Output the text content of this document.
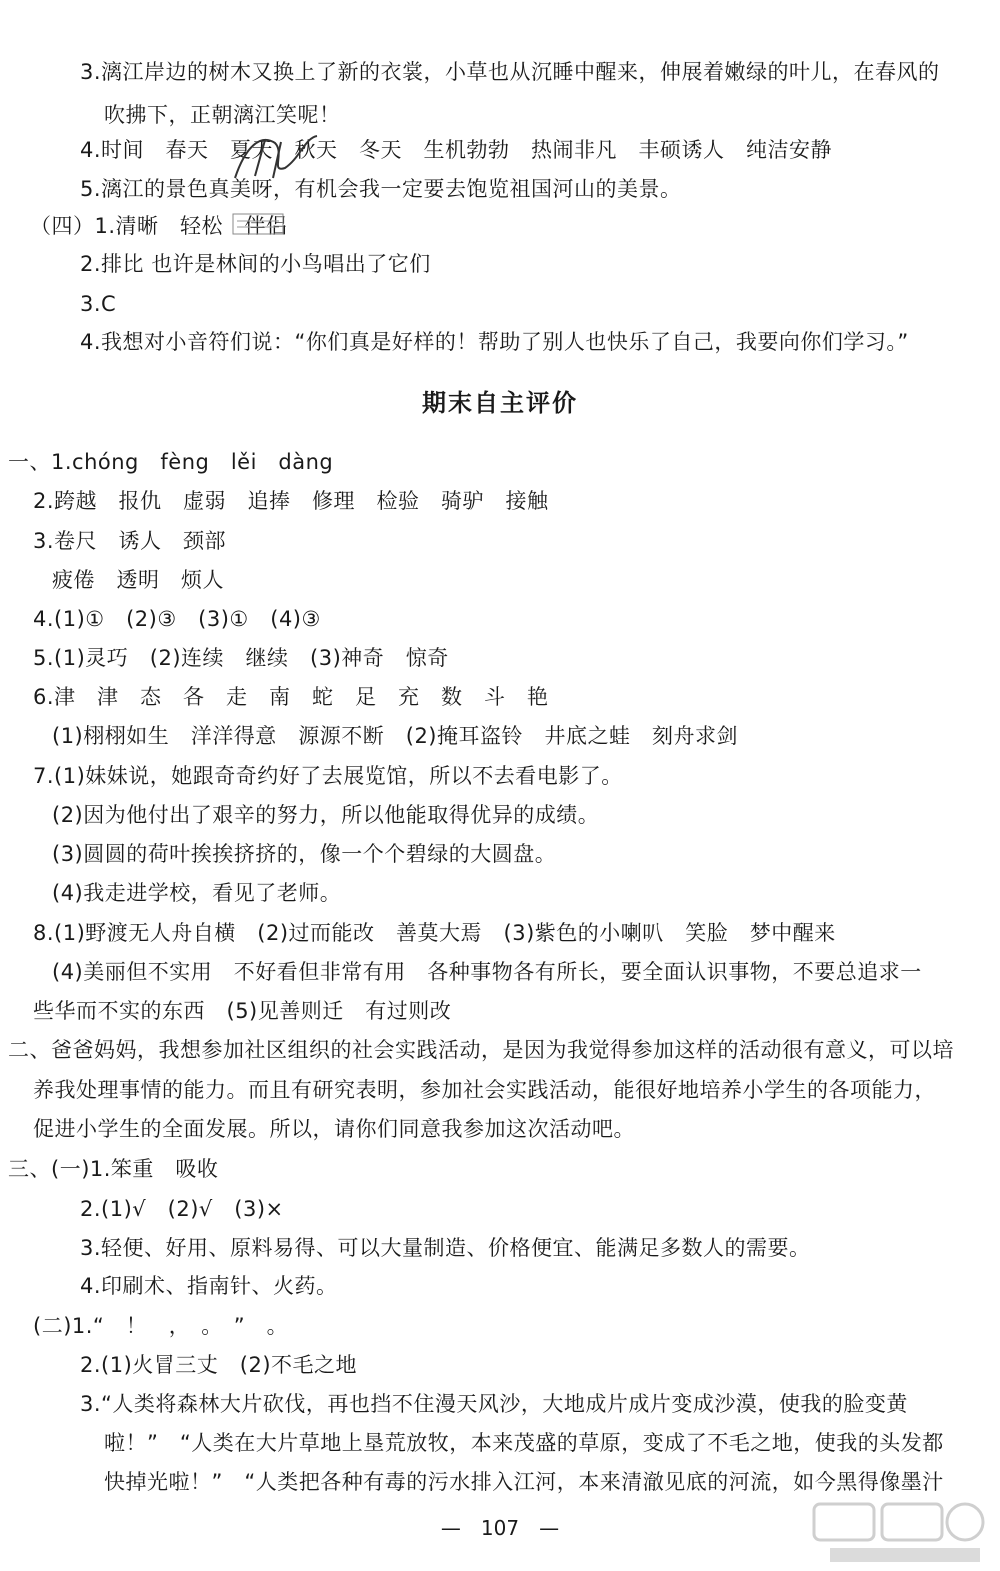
3.漓江岸边的树木又换上了新的衣裳，小草也从沉睡中醒来，伸展着嫩绿的叶儿，在春风的
吹拂下，正朝漓江笑呢！
4.时间　春天　夏天　秋天　冬天　生机勃勃　热闹非凡　丰硕诱人　纯洁安静
5.漓江的景色真美呀，有机会我一定要去饱览祖国河山的美景。
（四）1.清晰　轻松　伴侣
2.排比 也许是林间的小鸟唱出了它们
3.C
4.我想对小音符们说：“你们真是好样的！帮助了别人也快乐了自己，我要向你们学习。”
期末自主评价
一、1.chóng　fèng　lěi　dàng
2.跨越　报仇　虚弱　追捧　修理　检验　骑驴　接触
3.卷尺　诱人　颈部
疲倦　透明　烦人
4.(1)①　(2)③　(3)①　(4)③
5.(1)灵巧　(2)连续　继续　(3)神奇　惊奇
6.津　津　态　各　走　南　蛇　足　充　数　斗　艳
(1)栩栩如生　洋洋得意　源源不断　(2)掩耳盗铃　井底之蛙　刻舟求剑
7.(1)妹妹说，她跟奇奇约好了去展览馆，所以不去看电影了。
(2)因为他付出了艰辛的努力，所以他能取得优异的成绩。
(3)圆圆的荷叶挨挨挤挤的，像一个个碧绿的大圆盘。
(4)我走进学校，看见了老师。
8.(1)野渡无人舟自横　(2)过而能改　善莫大焉　(3)紫色的小喇叭　笑脸　梦中醒来
(4)美丽但不实用　不好看但非常有用　各种事物各有所长，要全面认识事物，不要总追求一
些华而不实的东西　(5)见善则迁　有过则改
二、爸爸妈妈，我想参加社区组织的社会实践活动，是因为我觉得参加这样的活动很有意义，可以培
养我处理事情的能力。而且有研究表明，参加社会实践活动，能很好地培养小学生的各项能力，
促进小学生的全面发展。所以，请你们同意我参加这次活动吧。
三、(一)1.笨重　吸收
2.(1)√　(2)√　(3)×
3.轻便、好用、原料易得、可以大量制造、价格便宜、能满足多数人的需要。
4.印刷术、指南针、火药。
(二)1.“　！　，　。　”　。
2.(1)火冒三丈　(2)不毛之地
3.“人类将森林大片砍伐，再也挡不住漫天风沙，大地成片成片变成沙漠，使我的脸变黄
啦！”　“人类在大片草地上垦荒放牧，本来茂盛的草原，变成了不毛之地，使我的头发都
快掉光啦！”　“人类把各种有毒的污水排入江河，本来清澈见底的河流，如今黑得像墨汁
—　107　—
